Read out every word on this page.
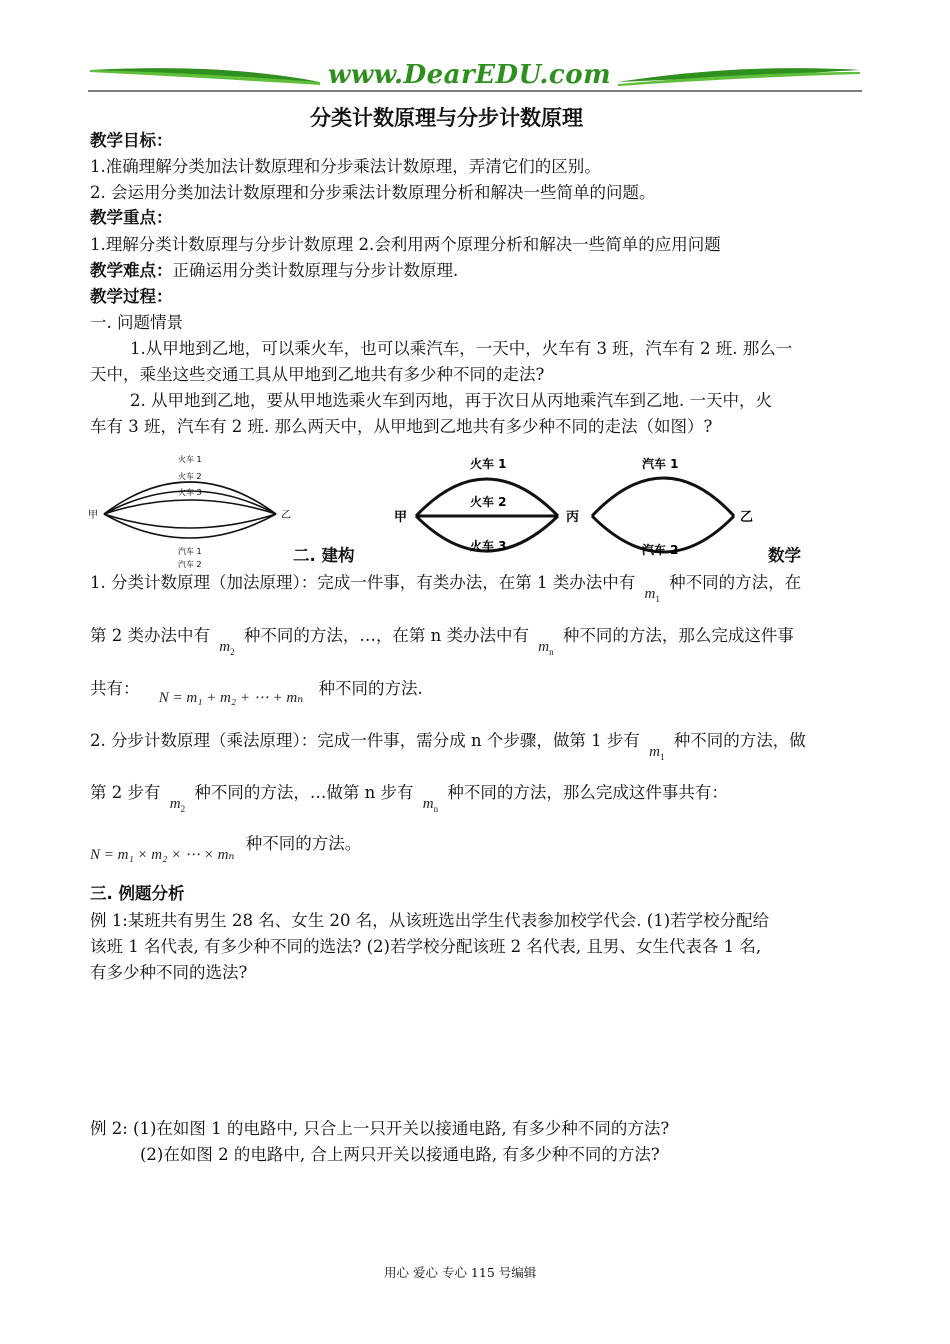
www.DearEDU.com
分类计数原理与分步计数原理
教学目标：
1.准确理解分类加法计数原理和分步乘法计数原理，弄清它们的区别。
2. 会运用分类加法计数原理和分步乘法计数原理分析和解决一些简单的问题。
教学重点：
1.理解分类计数原理与分步计数原理 2.会利用两个原理分析和解决一些简单的应用问题
教学难点：正确运用分类计数原理与分步计数原理.
教学过程：
一. 问题情景
1.从甲地到乙地，可以乘火车，也可以乘汽车，一天中，火车有 3 班，汽车有 2 班. 那么一
天中，乘坐这些交通工具从甲地到乙地共有多少种不同的走法?
2. 从甲地到乙地，要从甲地选乘火车到丙地，再于次日从丙地乘汽车到乙地. 一天中，火
车有 3 班，汽车有 2 班. 那么两天中，从甲地到乙地共有多少种不同的走法（如图）?
甲	乙
火车 1
火车 2
火车 3
汽车 1
汽车 2
甲	丙	乙
火车 1
火车 2
火车 3
汽车 1
汽车 2
二. 建构	数学
1. 分类计数原理（加法原理）：完成一件事，有类办法，在第 1 类办法中有 $m_1$ 种不同的方法，在
第 2 类办法中有 $m_2$ 种不同的方法，…，在第 n 类办法中有 $m_n$ 种不同的方法，那么完成这件事
共有： N = m₁ + m₂ + ⋯ + mₙ 种不同的方法.
2. 分步计数原理（乘法原理）：完成一件事，需分成 n 个步骤，做第 1 步有 $m_1$ 种不同的方法，做
第 2 步有 $m_2$ 种不同的方法，…做第 n 步有 $m_n$ 种不同的方法，那么完成这件事共有：
N = m₁ × m₂ × ⋯ × mₙ 种不同的方法。
三. 例题分析
例 1:某班共有男生 28 名、女生 20 名，从该班选出学生代表参加校学代会. (1)若学校分配给
该班 1 名代表, 有多少种不同的选法? (2)若学校分配该班 2 名代表, 且男、女生代表各 1 名,
有多少种不同的选法?
例 2: (1)在如图 1 的电路中, 只合上一只开关以接通电路, 有多少种不同的方法?
(2)在如图 2 的电路中, 合上两只开关以接通电路, 有多少种不同的方法?
用心 爱心 专心 115 号编辑
